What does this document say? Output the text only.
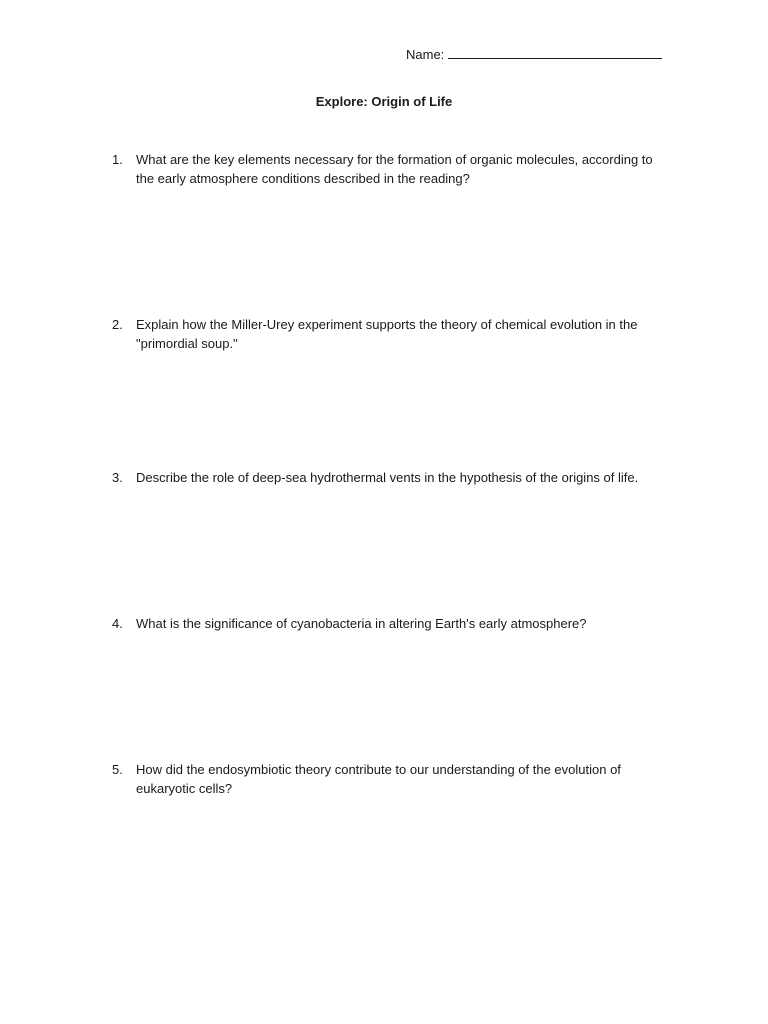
Name:
Explore: Origin of Life
1. What are the key elements necessary for the formation of organic molecules, according to the early atmosphere conditions described in the reading?
2. Explain how the Miller-Urey experiment supports the theory of chemical evolution in the "primordial soup."
3. Describe the role of deep-sea hydrothermal vents in the hypothesis of the origins of life.
4. What is the significance of cyanobacteria in altering Earth's early atmosphere?
5. How did the endosymbiotic theory contribute to our understanding of the evolution of eukaryotic cells?
